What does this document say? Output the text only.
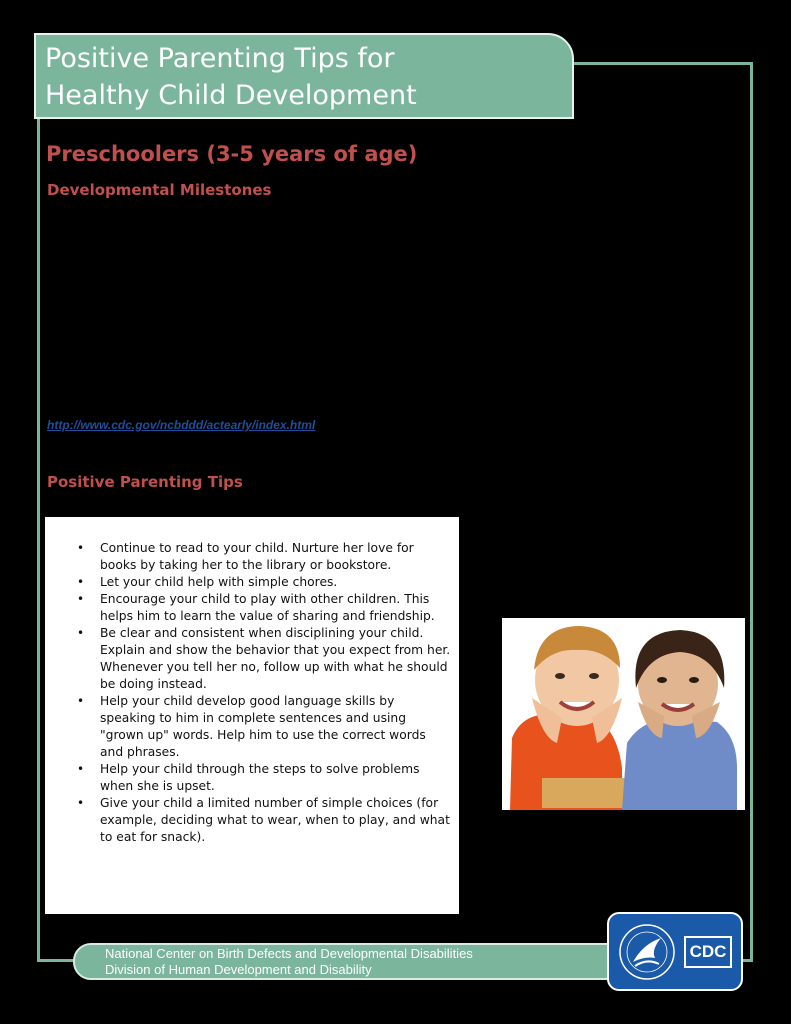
Positive Parenting Tips for
Healthy Child Development
Preschoolers (3-5 years of age)
Developmental Milestones
http://www.cdc.gov/ncbddd/actearly/index.html
Positive Parenting Tips
• Continue to read to your child. Nurture her love for books by taking her to the library or bookstore.
• Let your child help with simple chores.
• Encourage your child to play with other children. This helps him to learn the value of sharing and friendship.
• Be clear and consistent when disciplining your child. Explain and show the behavior that you expect from her. Whenever you tell her no, follow up with what he should be doing instead.
• Help your child develop good language skills by speaking to him in complete sentences and using "grown up" words. Help him to use the correct words and phrases.
• Help your child through the steps to solve problems when she is upset.
• Give your child a limited number of simple choices (for example, deciding what to wear, when to play, and what to eat for snack).
National Center on Birth Defects and Developmental Disabilities
Division of Human Development and Disability
CDC
